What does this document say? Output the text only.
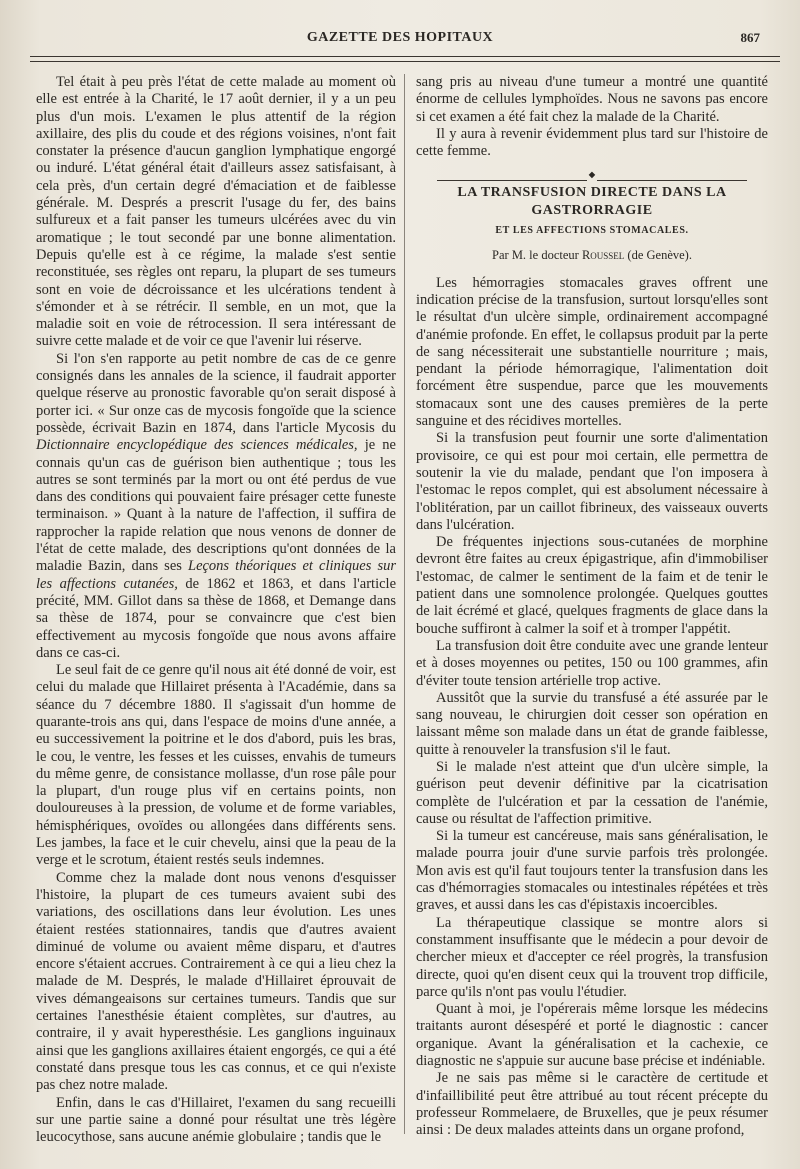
GAZETTE DES HOPITAUX	867

Tel était à peu près l'état de cette malade au moment où elle est entrée à la Charité, le 17 août dernier, il y a un peu plus d'un mois. L'examen le plus attentif de la région axillaire, des plis du coude et des régions voisines, n'ont fait constater la présence d'aucun ganglion lymphatique engorgé ou induré. L'état général était d'ailleurs assez satisfaisant, à cela près, d'un certain degré d'émaciation et de faiblesse générale. M. Després a prescrit l'usage du fer, des bains sulfureux et a fait panser les tumeurs ulcérées avec du vin aromatique ; le tout secondé par une bonne alimentation. Depuis qu'elle est à ce régime, la malade s'est sentie reconstituée, ses règles ont reparu, la plupart de ses tumeurs sont en voie de décroissance et les ulcérations tendent à s'émonder et à se rétrécir. Il semble, en un mot, que la maladie soit en voie de rétrocession. Il sera intéressant de suivre cette malade et de voir ce que l'avenir lui réserve.

Si l'on s'en rapporte au petit nombre de cas de ce genre consignés dans les annales de la science, il faudrait apporter quelque réserve au pronostic favorable qu'on serait disposé à porter ici. « Sur onze cas de mycosis fongoïde que la science possède, écrivait Bazin en 1874, dans l'article Mycosis du Dictionnaire encyclopédique des sciences médicales, je ne connais qu'un cas de guérison bien authentique ; tous les autres se sont terminés par la mort ou ont été perdus de vue dans des conditions qui pouvaient faire présager cette funeste terminaison. » Quant à la nature de l'affection, il suffira de rapprocher la rapide relation que nous venons de donner de l'état de cette malade, des descriptions qu'ont données de la maladie Bazin, dans ses Leçons théoriques et cliniques sur les affections cutanées, de 1862 et 1863, et dans l'article précité, MM. Gillot dans sa thèse de 1868, et Demange dans sa thèse de 1874, pour se convaincre que c'est bien effectivement au mycosis fongoïde que nous avons affaire dans ce cas-ci.

Le seul fait de ce genre qu'il nous ait été donné de voir, est celui du malade que Hillairet présenta à l'Académie, dans sa séance du 7 décembre 1880. Il s'agissait d'un homme de quarante-trois ans qui, dans l'espace de moins d'une année, a eu successivement la poitrine et le dos d'abord, puis les bras, le cou, le ventre, les fesses et les cuisses, envahis de tumeurs du même genre, de consistance mollasse, d'un rose pâle pour la plupart, d'un rouge plus vif en certains points, non douloureuses à la pression, de volume et de forme variables, hémisphériques, ovoïdes ou allongées dans différents sens. Les jambes, la face et le cuir chevelu, ainsi que la peau de la verge et le scrotum, étaient restés seuls indemnes.

Comme chez la malade dont nous venons d'esquisser l'histoire, la plupart de ces tumeurs avaient subi des variations, des oscillations dans leur évolution. Les unes étaient restées stationnaires, tandis que d'autres avaient diminué de volume ou avaient même disparu, et d'autres encore s'étaient accrues. Contrairement à ce qui a lieu chez la malade de M. Després, le malade d'Hillairet éprouvait de vives démangeaisons sur certaines tumeurs. Tandis que sur certaines l'anesthésie étaient complètes, sur d'autres, au contraire, il y avait hyperesthésie. Les ganglions inguinaux ainsi que les ganglions axillaires étaient engorgés, ce qui a été constaté dans presque tous les cas connus, et ce qui n'existe pas chez notre malade.

Enfin, dans le cas d'Hillairet, l'examen du sang recueilli sur une partie saine a donné pour résultat une très légère leucocythose, sans aucune anémie globulaire ; tandis que le

sang pris au niveau d'une tumeur a montré une quantité énorme de cellules lymphoïdes. Nous ne savons pas encore si cet examen a été fait chez la malade de la Charité.

Il y aura à revenir évidemment plus tard sur l'histoire de cette femme.

◆
LA TRANSFUSION DIRECTE DANS LA GASTRORRAGIE
ET LES AFFECTIONS STOMACALES.
Par M. le docteur Roussel (de Genève).

Les hémorragies stomacales graves offrent une indication précise de la transfusion, surtout lorsqu'elles sont le résultat d'un ulcère simple, ordinairement accompagné d'anémie profonde. En effet, le collapsus produit par la perte de sang nécessiterait une substantielle nourriture ; mais, pendant la période hémorragique, l'alimentation doit forcément être suspendue, parce que les mouvements stomacaux sont une des causes premières de la perte sanguine et des récidives mortelles.

Si la transfusion peut fournir une sorte d'alimentation provisoire, ce qui est pour moi certain, elle permettra de soutenir la vie du malade, pendant que l'on imposera à l'estomac le repos complet, qui est absolument nécessaire à l'oblitération, par un caillot fibrineux, des vaisseaux ouverts dans l'ulcération.

De fréquentes injections sous-cutanées de morphine devront être faites au creux épigastrique, afin d'immobiliser l'estomac, de calmer le sentiment de la faim et de tenir le patient dans une somnolence prolongée. Quelques gouttes de lait écrémé et glacé, quelques fragments de glace dans la bouche suffiront à calmer la soif et à tromper l'appétit.

La transfusion doit être conduite avec une grande lenteur et à doses moyennes ou petites, 150 ou 100 grammes, afin d'éviter toute tension artérielle trop active.

Aussitôt que la survie du transfusé a été assurée par le sang nouveau, le chirurgien doit cesser son opération en laissant même son malade dans un état de grande faiblesse, quitte à renouveler la transfusion s'il le faut.

Si le malade n'est atteint que d'un ulcère simple, la guérison peut devenir définitive par la cicatrisation complète de l'ulcération et par la cessation de l'anémie, cause ou résultat de l'affection primitive.

Si la tumeur est cancéreuse, mais sans généralisation, le malade pourra jouir d'une survie parfois très prolongée. Mon avis est qu'il faut toujours tenter la transfusion dans les cas d'hémorragies stomacales ou intestinales répétées et très graves, et aussi dans les cas d'épistaxis incoercibles.

La thérapeutique classique se montre alors si constamment insuffisante que le médecin a pour devoir de chercher mieux et d'accepter ce réel progrès, la transfusion directe, quoi qu'en disent ceux qui la trouvent trop difficile, parce qu'ils n'ont pas voulu l'étudier.

Quant à moi, je l'opérerais même lorsque les médecins traitants auront désespéré et porté le diagnostic : cancer organique. Avant la généralisation et la cachexie, ce diagnostic ne s'appuie sur aucune base précise et indéniable.

Je ne sais pas même si le caractère de certitude et d'infaillibilité peut être attribué au tout récent précepte du professeur Rommelaere, de Bruxelles, que je peux résumer ainsi : De deux malades atteints dans un organe profond,
